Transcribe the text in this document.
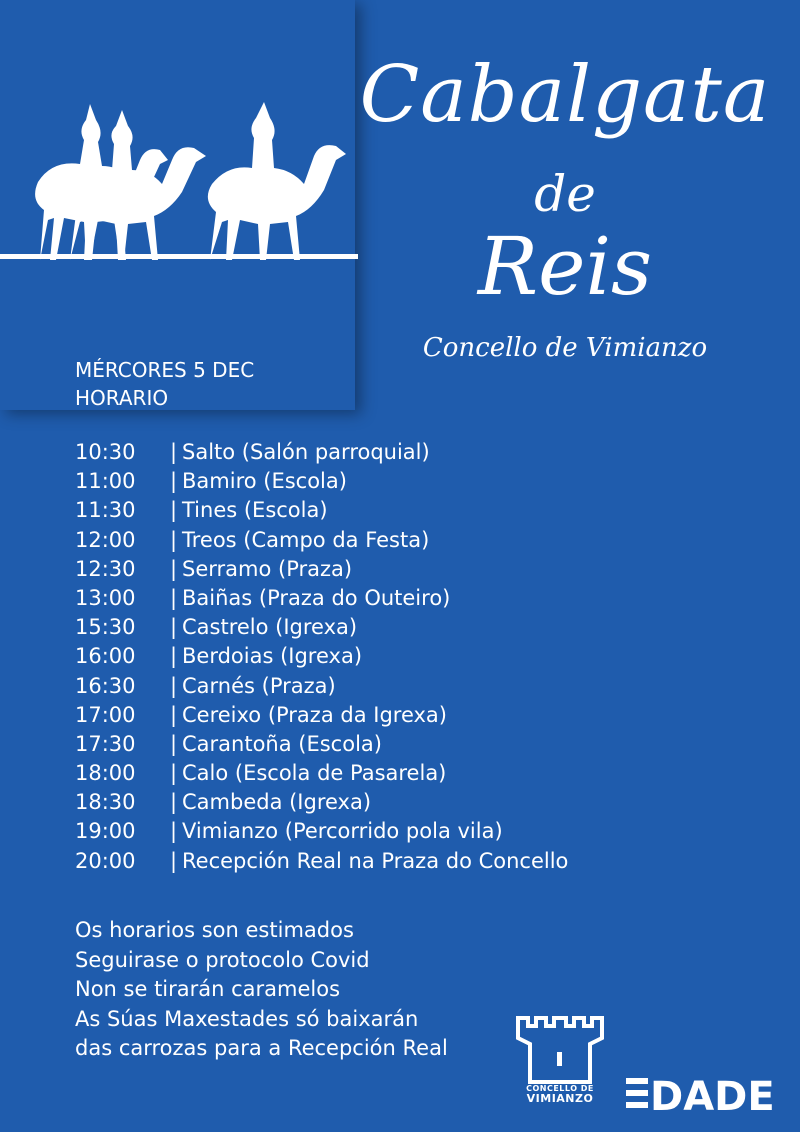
Cabalgata
de
Reis
Concello de Vimianzo
MÉRCORES 5 DEC
HORARIO
10:30 | Salto (Salón parroquial)
11:00 | Bamiro (Escola)
11:30 | Tines (Escola)
12:00 | Treos (Campo da Festa)
12:30 | Serramo (Praza)
13:00 | Baiñas (Praza do Outeiro)
15:30 | Castrelo (Igrexa)
16:00 | Berdoias (Igrexa)
16:30 | Carnés (Praza)
17:00 | Cereixo (Praza da Igrexa)
17:30 | Carantoña (Escola)
18:00 | Calo (Escola de Pasarela)
18:30 | Cambeda (Igrexa)
19:00 | Vimianzo (Percorrido pola vila)
20:00 | Recepción Real na Praza do Concello
Os horarios son estimados
Seguirase o protocolo Covid
Non se tirarán caramelos
As Súas Maxestades só baixarán
das carrozas para a Recepción Real
CONCELLO DE
VIMIANZO	DADE
